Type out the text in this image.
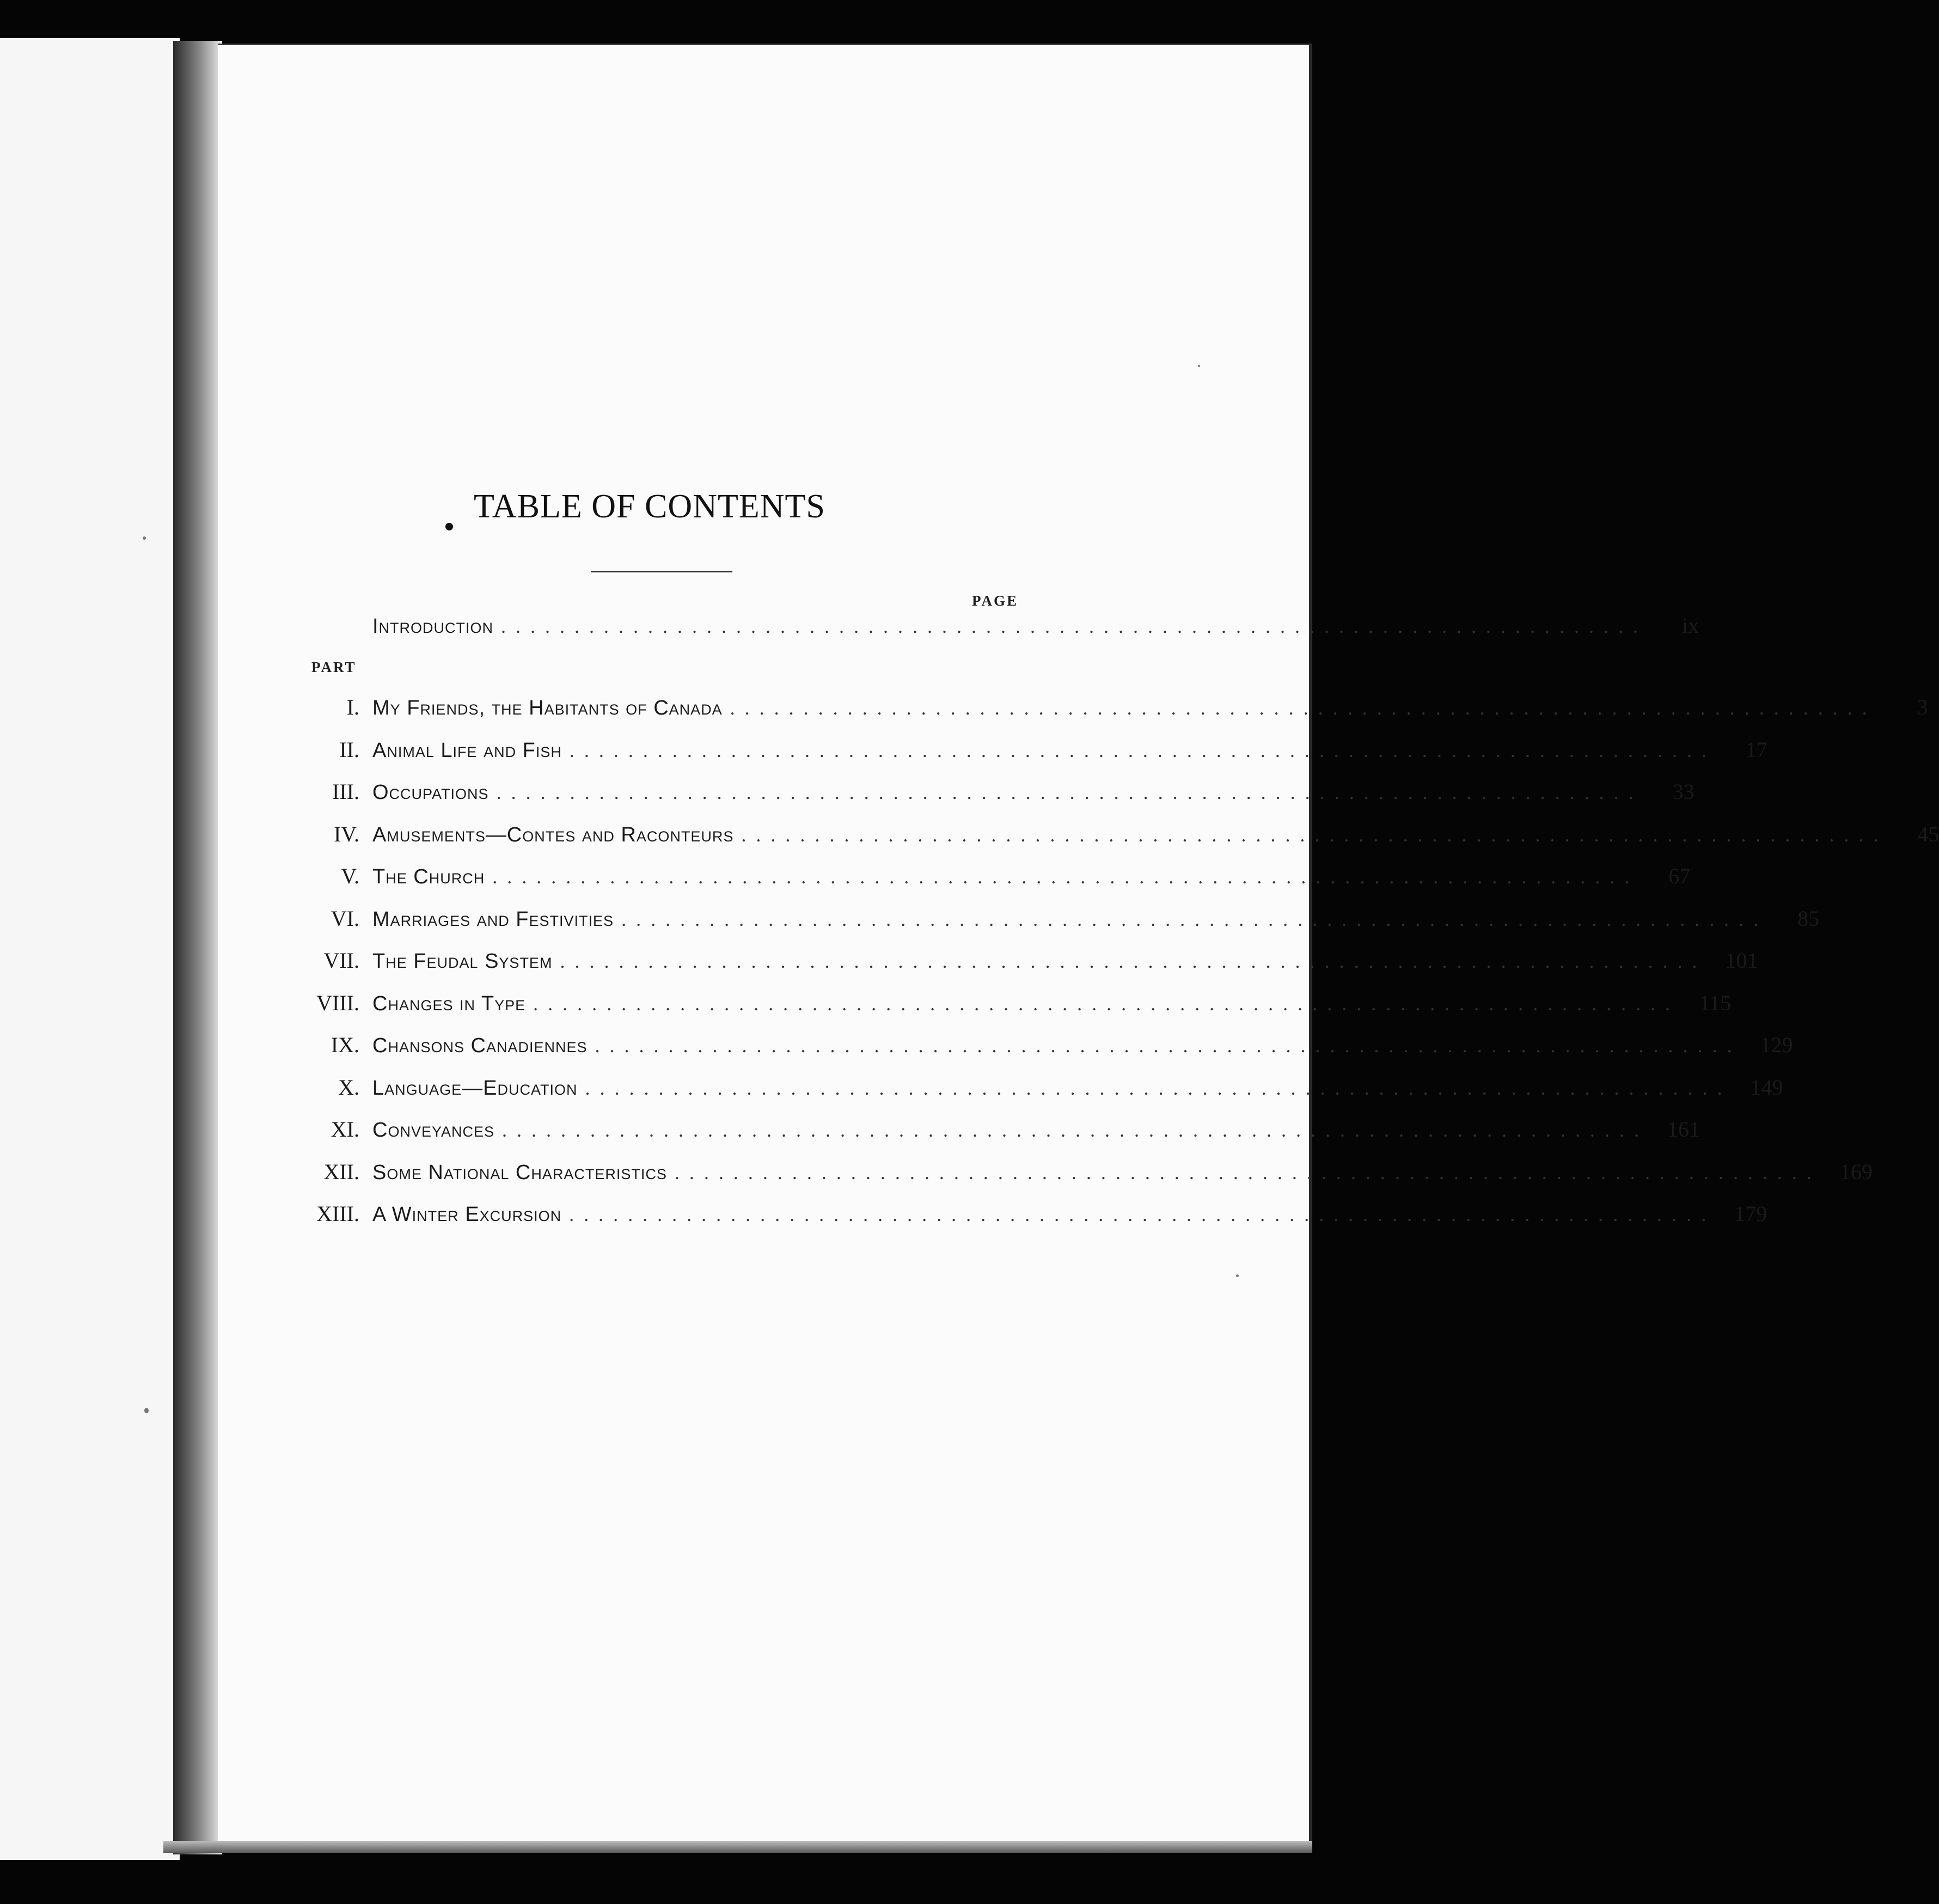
TABLE OF CONTENTS
PAGE
Introduction ..............................................................................	ix
PART
I. My Friends, the Habitants of Canada ..............................................................................	3
II. Animal Life and Fish ..............................................................................	17
III. Occupations ..............................................................................	33
IV. Amusements—Contes and Raconteurs ..............................................................................	45
V. The Church ..............................................................................	67
VI. Marriages and Festivities ..............................................................................	85
VII. The Feudal System .............................................................................. 101
VIII. Changes in Type .............................................................................. 115
IX. Chansons Canadiennes .............................................................................. 129
X. Language—Education .............................................................................. 149
XI. Conveyances .............................................................................. 161
XII. Some National Characteristics .............................................................................. 169
XIII. A Winter Excursion .............................................................................. 179
